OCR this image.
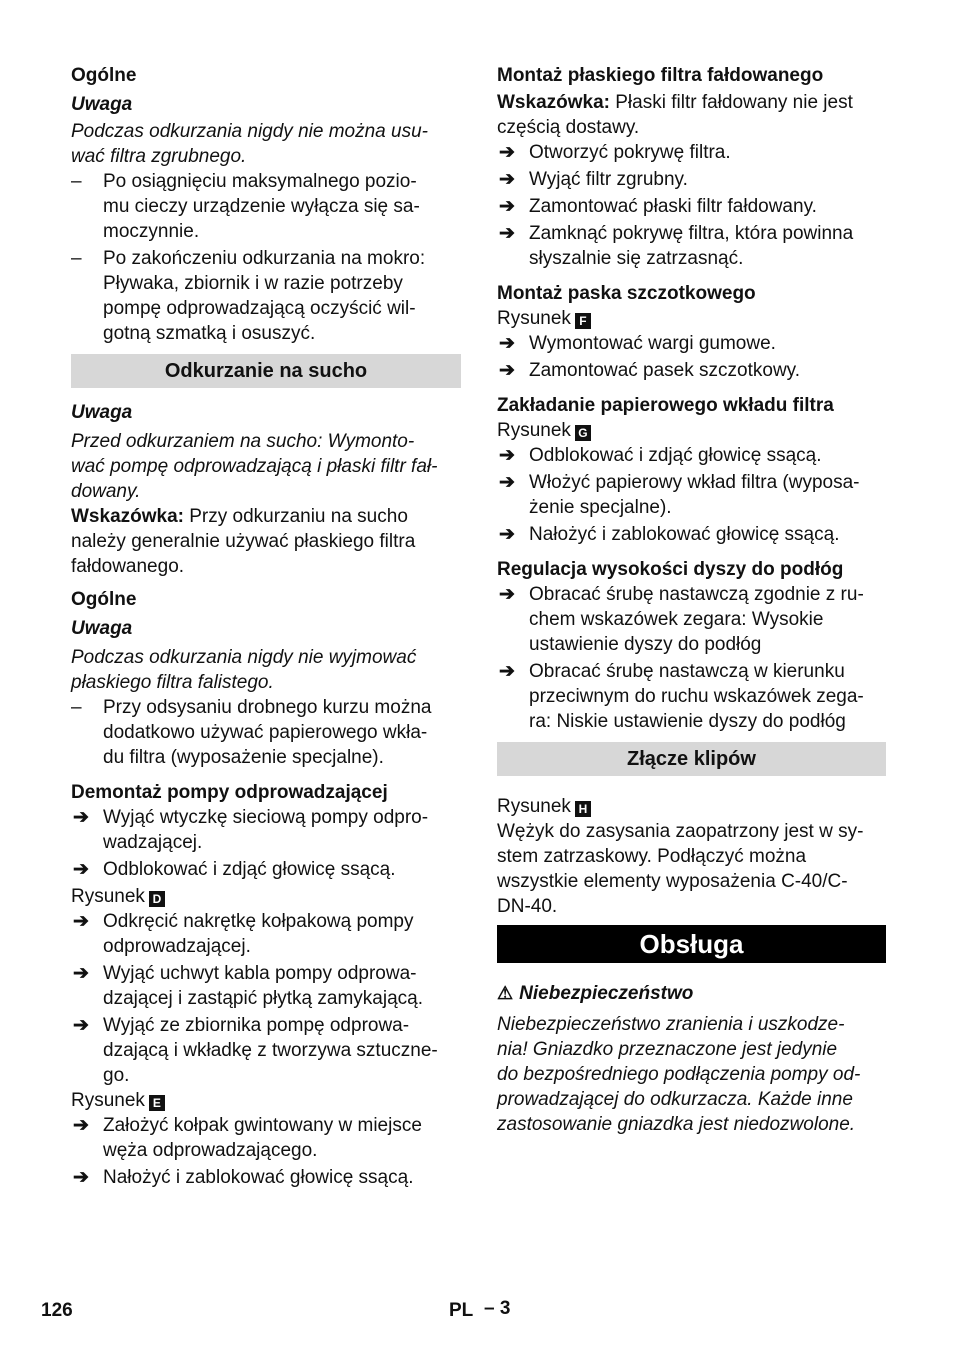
Ogólne
Uwaga
Podczas odkurzania nigdy nie można usu-
wać filtra zgrubnego.
– Po osiągnięciu maksymalnego pozio-
mu cieczy urządzenie wyłącza się sa-
moczynnie.
– Po zakończeniu odkurzania na mokro:
Pływaka, zbiornik i w razie potrzeby
pompę odprowadzającą oczyścić wil-
gotną szmatką i osuszyć.
Odkurzanie na sucho
Uwaga
Przed odkurzaniem na sucho: Wymonto-
wać pompę odprowadzającą i płaski filtr fał-
dowany.
Wskazówka: Przy odkurzaniu na sucho
należy generalnie używać płaskiego filtra
fałdowanego.
Ogólne
Uwaga
Podczas odkurzania nigdy nie wyjmować
płaskiego filtra falistego.
– Przy odsysaniu drobnego kurzu można
dodatkowo używać papierowego wkła-
du filtra (wyposażenie specjalne).
Demontaż pompy odprowadzającej
➔ Wyjąć wtyczkę sieciową pompy odpro-
wadzającej.
➔ Odblokować i zdjąć głowicę ssącą.
Rysunek D
➔ Odkręcić nakrętkę kołpakową pompy
odprowadzającej.
➔ Wyjąć uchwyt kabla pompy odprowa-
dzającej i zastąpić płytką zamykającą.
➔ Wyjąć ze zbiornika pompę odprowa-
dzającą i wkładkę z tworzywa sztuczne-
go.
Rysunek E
➔ Założyć kołpak gwintowany w miejsce
węża odprowadzającego.
➔ Nałożyć i zablokować głowicę ssącą.
Montaż płaskiego filtra fałdowanego
Wskazówka: Płaski filtr fałdowany nie jest
częścią dostawy.
➔ Otworzyć pokrywę filtra.
➔ Wyjąć filtr zgrubny.
➔ Zamontować płaski filtr fałdowany.
➔ Zamknąć pokrywę filtra, która powinna
słyszalnie się zatrzasnąć.
Montaż paska szczotkowego
Rysunek F
➔ Wymontować wargi gumowe.
➔ Zamontować pasek szczotkowy.
Zakładanie papierowego wkładu filtra
Rysunek G
➔ Odblokować i zdjąć głowicę ssącą.
➔ Włożyć papierowy wkład filtra (wyposa-
żenie specjalne).
➔ Nałożyć i zablokować głowicę ssącą.
Regulacja wysokości dyszy do podłóg
➔ Obracać śrubę nastawczą zgodnie z ru-
chem wskazówek zegara: Wysokie
ustawienie dyszy do podłóg
➔ Obracać śrubę nastawczą w kierunku
przeciwnym do ruchu wskazówek zega-
ra: Niskie ustawienie dyszy do podłóg
Złącze klipów
Rysunek H
Wężyk do zasysania zaopatrzony jest w sy-
stem zatrzaskowy. Podłączyć można
wszystkie elementy wyposażenia C-40/C-
DN-40.
Obsługa
⚠ Niebezpieczeństwo
Niebezpieczeństwo zranienia i uszkodze-
nia! Gniazdko przeznaczone jest jedynie
do bezpośredniego podłączenia pompy od-
prowadzającej do odkurzacza. Każde inne
zastosowanie gniazdka jest niedozwolone.
126	PL – 3
